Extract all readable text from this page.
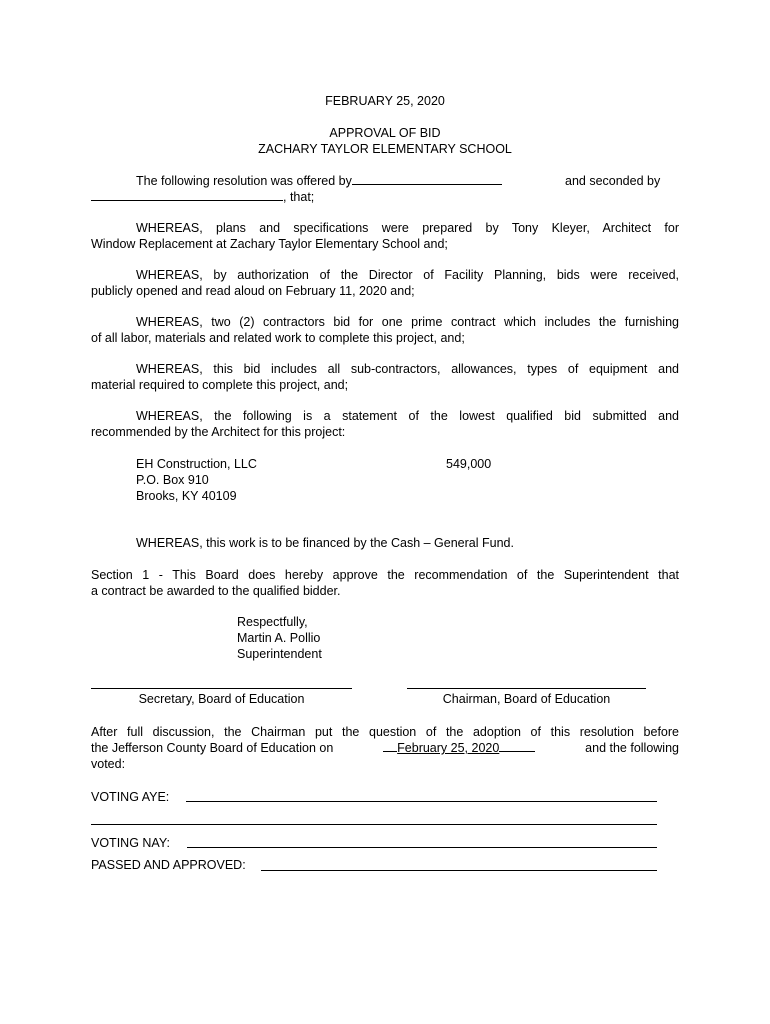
FEBRUARY 25, 2020
APPROVAL OF BID
ZACHARY TAYLOR ELEMENTARY SCHOOL
The following resolution was offered by	and seconded by
, that;
WHEREAS, plans and specifications were prepared by Tony Kleyer, Architect for
Window Replacement at Zachary Taylor Elementary School and;
WHEREAS, by authorization of the Director of Facility Planning, bids were received,
publicly opened and read aloud on February 11, 2020 and;
WHEREAS, two (2) contractors bid for one prime contract which includes the furnishing
of all labor, materials and related work to complete this project, and;
WHEREAS, this bid includes all sub-contractors, allowances, types of equipment and
material required to complete this project, and;
WHEREAS, the following is a statement of the lowest qualified bid submitted and
recommended by the Architect for this project:
EH Construction, LLC	549,000
P.O. Box 910
Brooks, KY 40109
WHEREAS, this work is to be financed by the Cash – General Fund.
Section 1 - This Board does hereby approve the recommendation of the Superintendent that
a contract be awarded to the qualified bidder.
Respectfully,
Martin A. Pollio
Superintendent
Secretary, Board of Education	Chairman, Board of Education
After full discussion, the Chairman put the question of the adoption of this resolution before
the Jefferson County Board of Education on	February 25, 2020	and the following
voted:
VOTING AYE:
VOTING NAY:
PASSED AND APPROVED:
